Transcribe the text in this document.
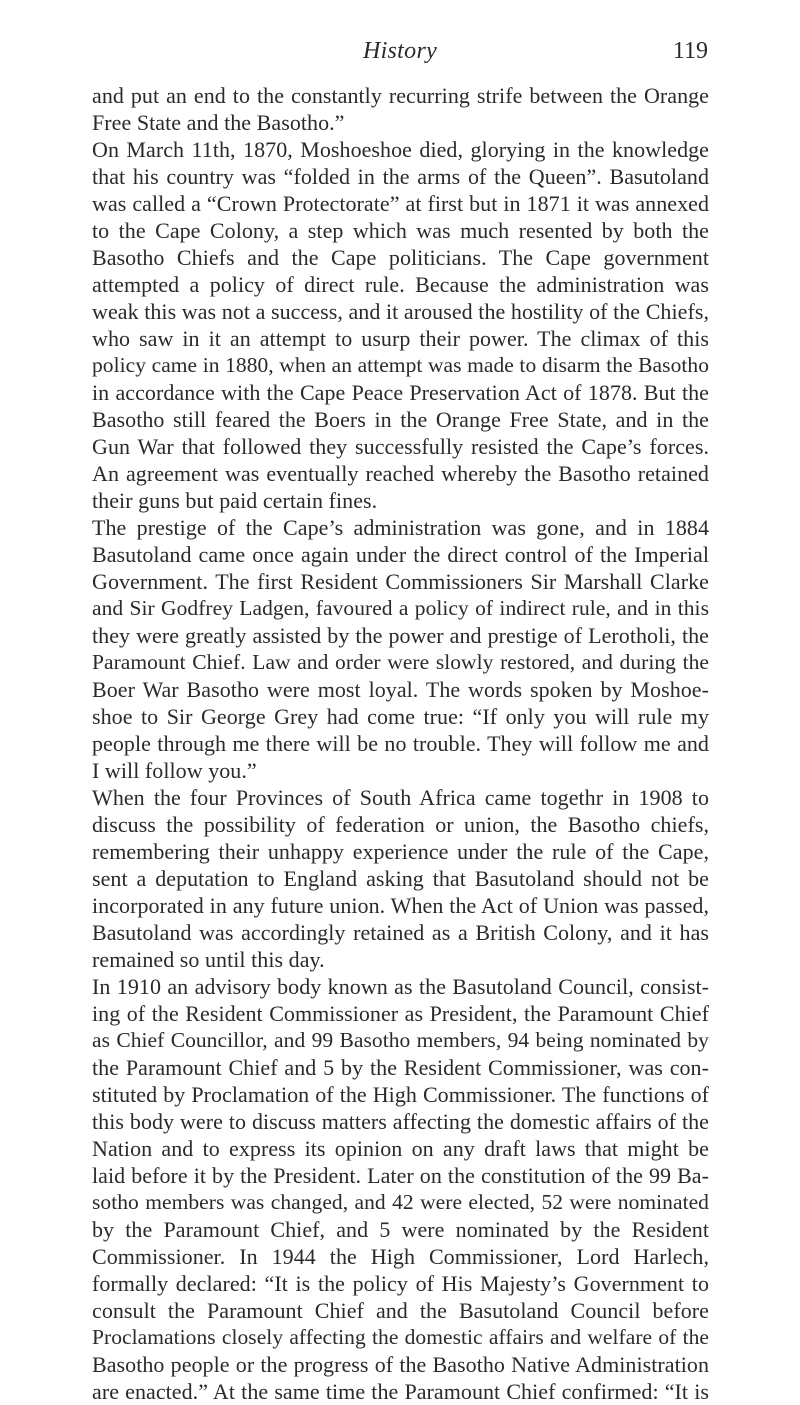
History	119
and put an end to the constantly recurring strife between the Orange
Free State and the Basotho.”
On March 11th, 1870, Moshoeshoe died, glorying in the knowledge
that his country was “folded in the arms of the Queen”. Basutoland
was called a “Crown Protectorate” at first but in 1871 it was annexed
to the Cape Colony, a step which was much resented by both the
Basotho Chiefs and the Cape politicians. The Cape government
attempted a policy of direct rule. Because the administration was
weak this was not a success, and it aroused the hostility of the Chiefs,
who saw in it an attempt to usurp their power. The climax of this
policy came in 1880, when an attempt was made to disarm the Basotho
in accordance with the Cape Peace Preservation Act of 1878. But the
Basotho still feared the Boers in the Orange Free State, and in the
Gun War that followed they successfully resisted the Cape’s forces.
An agreement was eventually reached whereby the Basotho retained
their guns but paid certain fines.
The prestige of the Cape’s administration was gone, and in 1884
Basutoland came once again under the direct control of the Imperial
Government. The first Resident Commissioners Sir Marshall Clarke
and Sir Godfrey Ladgen, favoured a policy of indirect rule, and in this
they were greatly assisted by the power and prestige of Lerotholi, the
Paramount Chief. Law and order were slowly restored, and during the
Boer War Basotho were most loyal. The words spoken by Moshoe-
shoe to Sir George Grey had come true: “If only you will rule my
people through me there will be no trouble. They will follow me and
I will follow you.”
When the four Provinces of South Africa came togethr in 1908 to
discuss the possibility of federation or union, the Basotho chiefs,
remembering their unhappy experience under the rule of the Cape,
sent a deputation to England asking that Basutoland should not be
incorporated in any future union. When the Act of Union was passed,
Basutoland was accordingly retained as a British Colony, and it has
remained so until this day.
In 1910 an advisory body known as the Basutoland Council, consist-
ing of the Resident Commissioner as President, the Paramount Chief
as Chief Councillor, and 99 Basotho members, 94 being nominated by
the Paramount Chief and 5 by the Resident Commissioner, was con-
stituted by Proclamation of the High Commissioner. The functions of
this body were to discuss matters affecting the domestic affairs of the
Nation and to express its opinion on any draft laws that might be
laid before it by the President. Later on the constitution of the 99 Ba-
sotho members was changed, and 42 were elected, 52 were nominated
by the Paramount Chief, and 5 were nominated by the Resident
Commissioner. In 1944 the High Commissioner, Lord Harlech,
formally declared: “It is the policy of His Majesty’s Government to
consult the Paramount Chief and the Basutoland Council before
Proclamations closely affecting the domestic affairs and welfare of the
Basotho people or the progress of the Basotho Native Administration
are enacted.” At the same time the Paramount Chief confirmed: “It is
